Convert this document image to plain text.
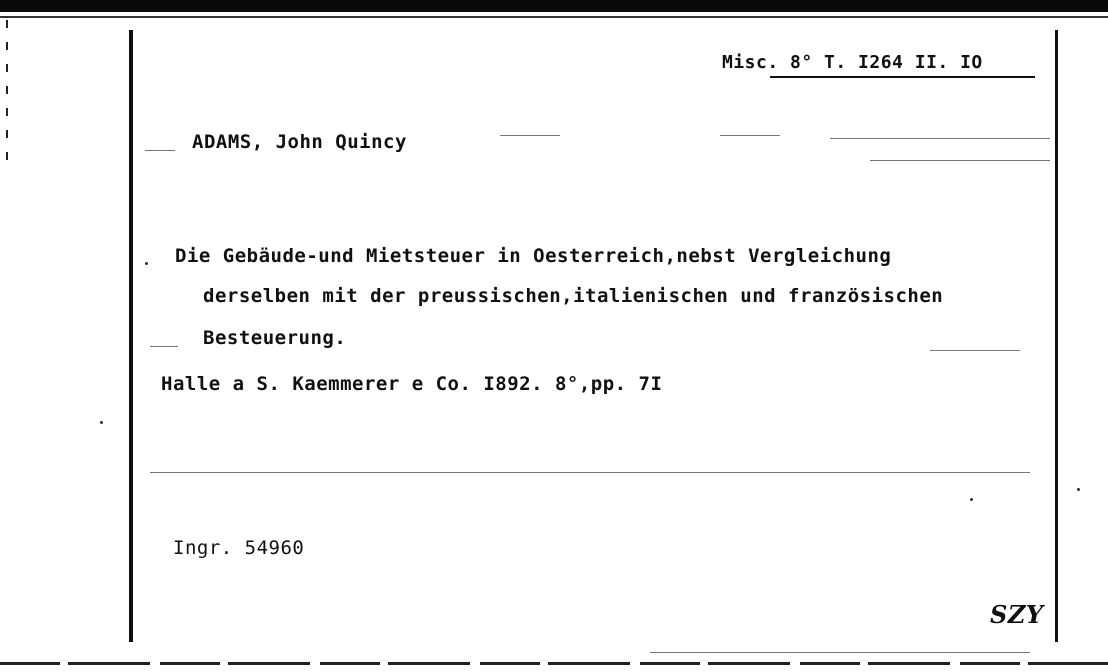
Misc. 8° T. I264 II. IO
ADAMS, John Quincy
Die Gebäude-und Mietsteuer in Oesterreich,nebst Vergleichung
derselben mit der preussischen,italienischen und französischen
Besteuerung.
Halle a S. Kaemmerer e Co. I892. 8°,pp. 7I
Ingr. 54960
SZY
